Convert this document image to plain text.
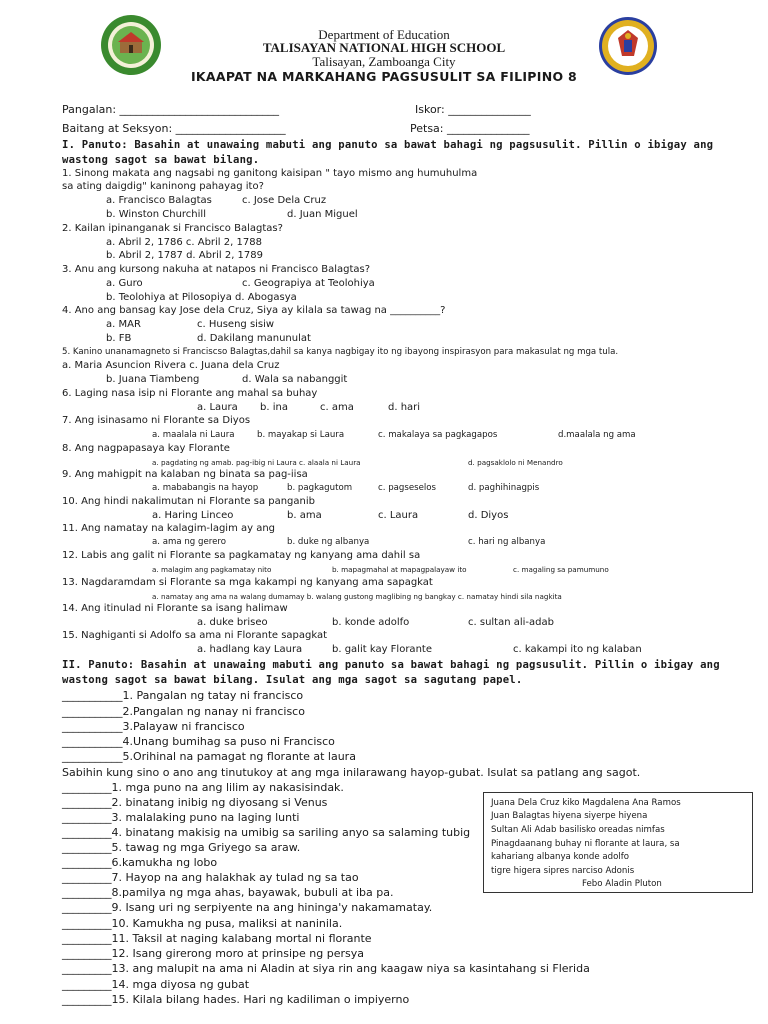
Department of Education
TALISAYAN NATIONAL HIGH SCHOOL
Talisayan, Zamboanga City
IKAAPAT NA MARKAHANG PAGSUSULIT SA FILIPINO 8
Pangalan: _____________________________	Iskor: _______________
Baitang at Seksyon: ____________________	Petsa: _______________
I. Panuto: Basahin at unawaing mabuti ang panuto sa bawat bahagi ng pagsusulit. Pillin o ibigay ang
wastong sagot sa bawat bilang.
1. Sinong makata ang nagsabi ng ganitong kaisipan " tayo mismo ang humuhulma
sa ating daigdig" kaninong pahayag ito?
a. Francisco Balagtas	c. Jose Dela Cruz
b. Winston Churchill	d. Juan Miguel
2. Kailan ipinanganak si Francisco Balagtas?
a. Abril 2, 1786 c. Abril 2, 1788
b. Abril 2, 1787 d. Abril 2, 1789
3. Anu ang kursong nakuha at natapos ni Francisco Balagtas?
a. Guro	c. Geograpiya at Teolohiya
b. Teolohiya at Pilosopiya d. Abogasya
4. Ano ang bansag kay Jose dela Cruz, Siya ay kilala sa tawag na __________?
a. MAR	c. Huseng sisiw
b. FB	d. Dakilang manunulat
5. Kanino unanamagneto si Franciscso Balagtas,dahil sa kanya nagbigay ito ng ibayong inspirasyon para makasulat ng mga tula.
a. Maria Asuncion Rivera c. Juana dela Cruz
b. Juana Tiambeng	d. Wala sa nabanggit
6. Laging nasa isip ni Florante ang mahal sa buhay
a. Laura b. ina	c. ama	d. hari
7. Ang isinasamo ni Florante sa Diyos
a. maalala ni Laura	b. mayakap si Laura	c. makalaya sa pagkagapos	d.maalala ng ama
8. Ang nagpapasaya kay Florante
a. pagdating ng amab. pag-ibig ni Laura c. alaala ni Laura	d. pagsaklolo ni Menandro
9. Ang mahigpit na kalaban ng binata sa pag-iisa
a. mababangis na hayop	b. pagkagutom	c. pagseselos	d. paghihinagpis
10. Ang hindi nakalimutan ni Florante sa panganib
a. Haring Linceo	b. ama	c. Laura	d. Diyos
11. Ang namatay na kalagim-lagim ay ang
a. ama ng gerero	b. duke ng albanya	c. hari ng albanya
12. Labis ang galit ni Florante sa pagkamatay ng kanyang ama dahil sa
a. malagim ang pagkamatay nito	b. mapagmahal at mapagpalayaw ito	c. magaling sa pamumuno
13. Nagdaramdam si Florante sa mga kakampi ng kanyang ama sapagkat
a. namatay ang ama na walang dumamay b. walang gustong maglibing ng bangkay c. namatay hindi sila nagkita
14. Ang itinulad ni Florante sa isang halimaw
a. duke briseo	b. konde adolfo	c. sultan ali-adab
15. Naghiganti si Adolfo sa ama ni Florante sapagkat
a. hadlang kay Laura	b. galit kay Florante	c. kakampi ito ng kalaban
II. Panuto: Basahin at unawaing mabuti ang panuto sa bawat bahagi ng pagsusulit. Pillin o ibigay ang
wastong sagot sa bawat bilang. Isulat ang mga sagot sa sagutang papel.
___________1. Pangalan ng tatay ni francisco
___________2.Pangalan ng nanay ni francisco
___________3.Palayaw ni francisco
___________4.Unang bumihag sa puso ni Francisco
___________5.Orihinal na pamagat ng florante at laura
Sabihin kung sino o ano ang tinutukoy at ang mga inilarawang hayop-gubat. Isulat sa patlang ang sagot.
_________1. mga puno na ang lilim ay nakasisindak.
_________2. binatang inibig ng diyosang si Venus
_________3. malalaking puno na laging lunti
_________4. binatang makisig na umibig sa sariling anyo sa salaming tubig
_________5. tawag ng mga Griyego sa araw.
_________6.kamukha ng lobo
_________7. Hayop na ang halakhak ay tulad ng sa tao
_________8.pamilya ng mga ahas, bayawak, bubuli at iba pa.
_________9. Isang uri ng serpiyente na ang hininga'y nakamamatay.
_________10. Kamukha ng pusa, maliksi at naninila.
_________11. Taksil at naging kalabang mortal ni florante
_________12. Isang girerong moro at prinsipe ng persya
_________13. ang malupit na ama ni Aladin at siya rin ang kaagaw niya sa kasintahang si Flerida
_________14. mga diyosa ng gubat
_________15. Kilala bilang hades. Hari ng kadiliman o impiyerno
Juana Dela Cruz kiko Magdalena Ana Ramos
Juan Balagtas hiyena siyerpe hiyena
Sultan Ali Adab basilisko oreadas nimfas
Pinagdaanang buhay ni florante at laura, sa
kahariang albanya konde adolfo
tigre higera sipres narciso Adonis
Febo Aladin Pluton
